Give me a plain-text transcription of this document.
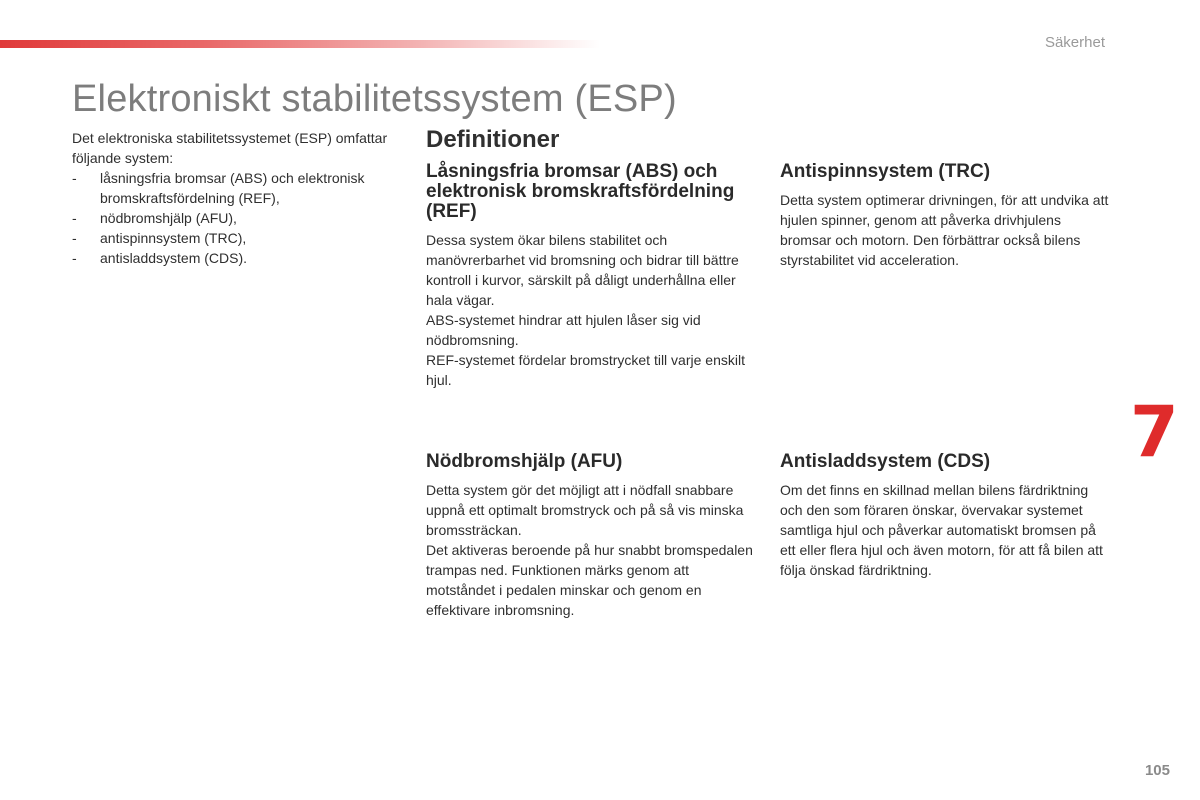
Säkerhet
Elektroniskt stabilitetssystem (ESP)

Det elektroniska stabilitetssystemet (ESP) omfattar följande system:

- låsningsfria bromsar (ABS) och elektronisk bromskraftsfördelning (REF),
- nödbromshjälp (AFU),
- antispinnsystem (TRC),
- antisladdsystem (CDS).
Definitioner
Låsningsfria bromsar (ABS) och elektronisk bromskraftsfördelning (REF)

Dessa system ökar bilens stabilitet och manövrerbarhet vid bromsning och bidrar till bättre kontroll i kurvor, särskilt på dåligt underhållna eller hala vägar.

ABS-systemet hindrar att hjulen låser sig vid nödbromsning.

REF-systemet fördelar bromstrycket till varje enskilt hjul.

Antispinnsystem (TRC)

Detta system optimerar drivningen, för att undvika att hjulen spinner, genom att påverka drivhjulens bromsar och motorn. Den förbättrar också bilens styrstabilitet vid acceleration.

Nödbromshjälp (AFU)

Detta system gör det möjligt att i nödfall snabbare uppnå ett optimalt bromstryck och på så vis minska bromssträckan.

Det aktiveras beroende på hur snabbt bromspedalen trampas ned. Funktionen märks genom att motståndet i pedalen minskar och genom en effektivare inbromsning.

Antisladdsystem (CDS)

Om det finns en skillnad mellan bilens färdriktning och den som föraren önskar, övervakar systemet samtliga hjul och påverkar automatiskt bromsen på ett eller flera hjul och även motorn, för att få bilen att följa önskad färdriktning.

7
105
